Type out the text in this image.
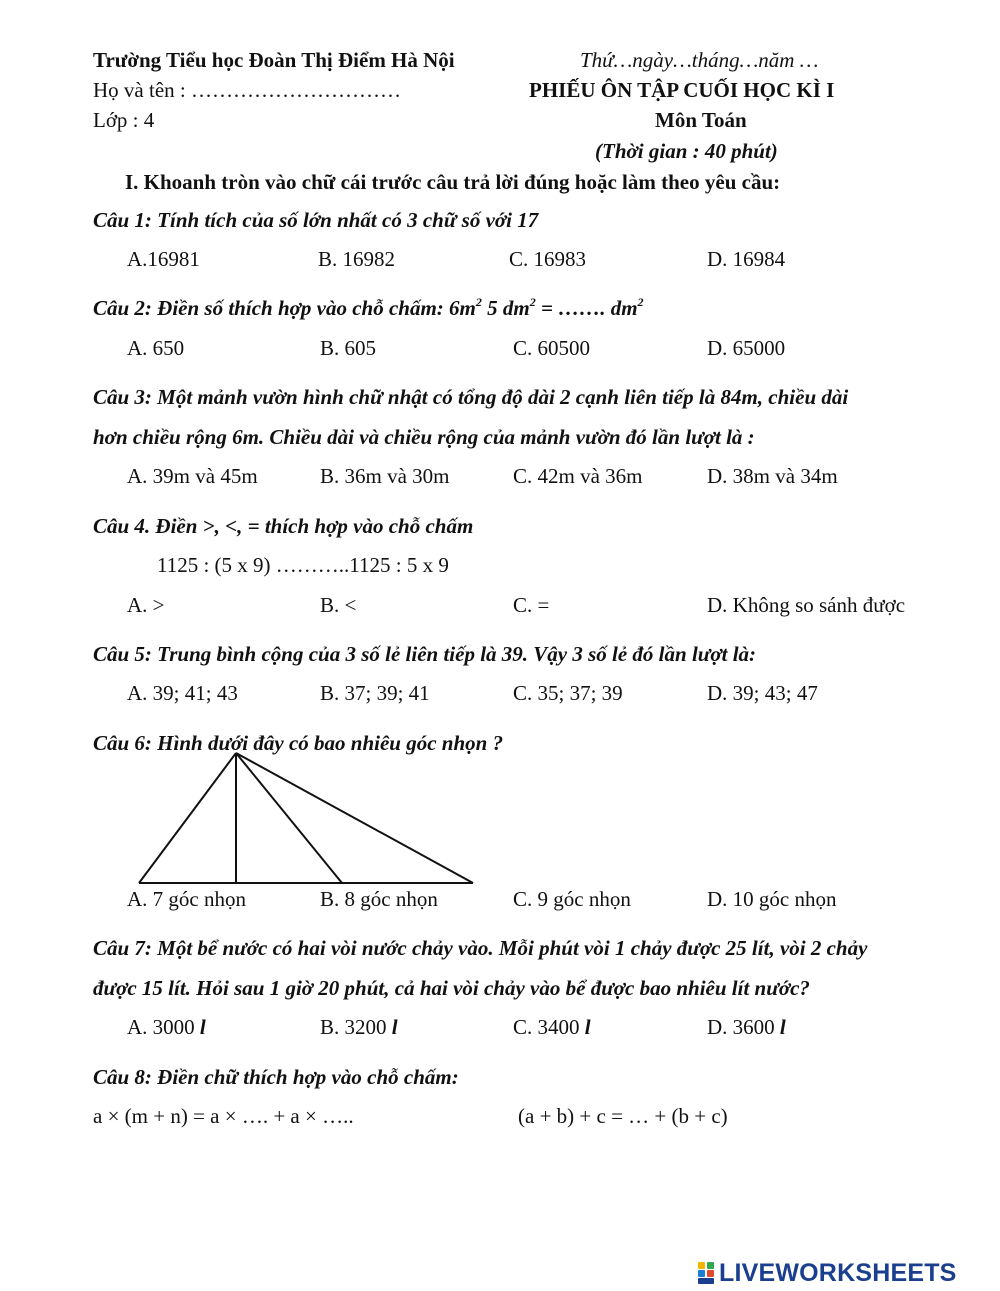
Trường Tiểu học Đoàn Thị Điểm Hà Nội	Thứ…ngày…tháng…năm …
Họ và tên : …………………………	PHIẾU ÔN TẬP CUỐI HỌC KÌ I
Lớp : 4	Môn Toán
(Thời gian : 40 phút)
I. Khoanh tròn vào chữ cái trước câu trả lời đúng hoặc làm theo yêu cầu:
Câu 1: Tính tích của số lớn nhất có 3 chữ số với 17
A.16981	B. 16982	C. 16983	D. 16984
Câu 2: Điền số thích hợp vào chỗ chấm: $6m^2$ 5 $dm^2$ = ……. $dm^2$
A. 650	B. 605	C. 60500	D. 65000
Câu 3: Một mảnh vườn hình chữ nhật có tổng độ dài 2 cạnh liên tiếp là 84m, chiều dài
hơn chiều rộng 6m. Chiều dài và chiều rộng của mảnh vườn đó lần lượt là :
A. 39m và 45m	B. 36m và 30m	C. 42m và 36m	D. 38m và 34m
Câu 4. Điền >, <, = thích hợp vào chỗ chấm
1125 : (5 x 9) ………..1125 : 5 x 9
A. >	B. <	C. =	D. Không so sánh được
Câu 5: Trung bình cộng của 3 số lẻ liên tiếp là 39. Vậy 3 số lẻ đó lần lượt là:
A. 39; 41; 43	B. 37; 39; 41	C. 35; 37; 39	D. 39; 43; 47
Câu 6: Hình dưới đây có bao nhiêu góc nhọn ?
A. 7 góc nhọn	B. 8 góc nhọn	C. 9 góc nhọn	D. 10 góc nhọn
Câu 7: Một bể nước có hai vòi nước chảy vào. Mỗi phút vòi 1 chảy được 25 lít, vòi 2 chảy
được 15 lít. Hỏi sau 1 giờ 20 phút, cả hai vòi chảy vào bể được bao nhiêu lít nước?
A. 3000 l	B. 3200 l	C. 3400 l	D. 3600 l
Câu 8: Điền chữ thích hợp vào chỗ chấm:
a × (m + n) = a × …. + a × …..	(a + b) + c = … + (b + c)
LIVEWORKSHEETS
